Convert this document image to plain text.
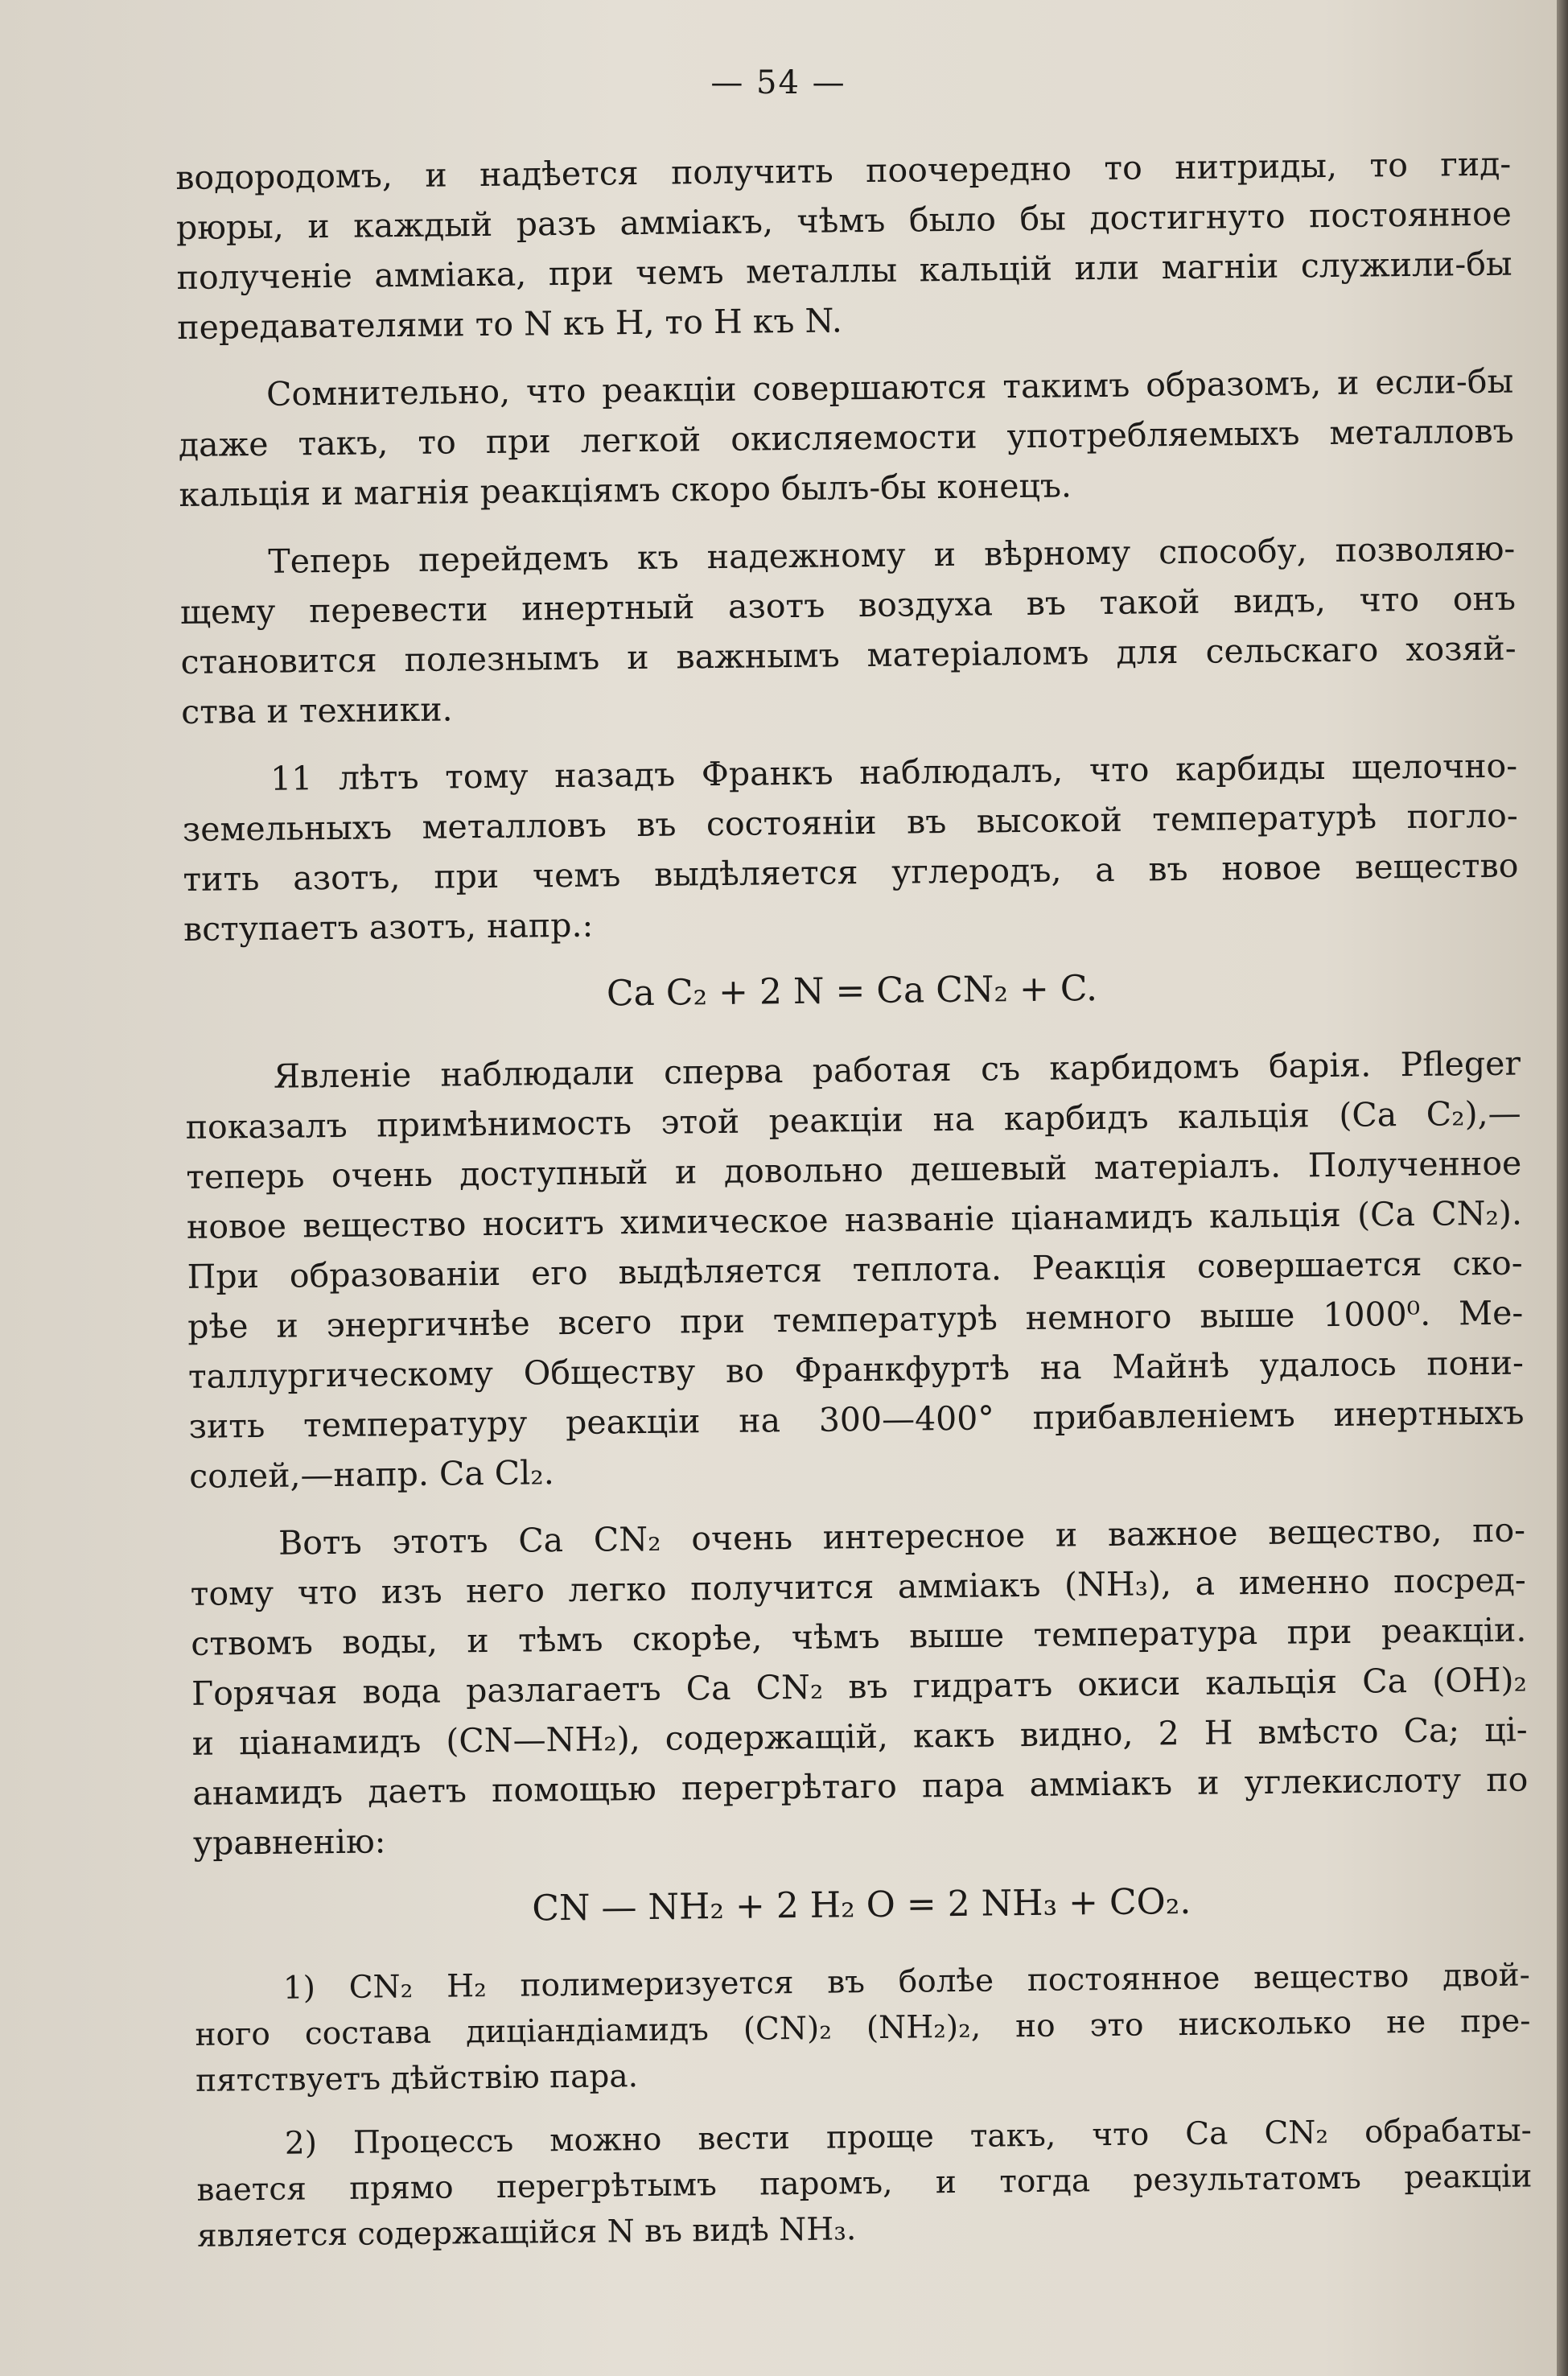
— 54 —
водородомъ, и надѣется получить поочередно то нитриды, то гид-
рюры, и каждый разъ амміакъ, чѣмъ было бы достигнуто постоянное
полученіе амміака, при чемъ металлы кальцій или магніи служили-бы
передавателями то N къ H, то H къ N.
Сомнительно, что реакціи совершаются такимъ образомъ, и если-бы
даже такъ, то при легкой окисляемости употребляемыхъ металловъ
кальція и магнія реакціямъ скоро былъ-бы конецъ.
Теперь перейдемъ къ надежному и вѣрному способу, позволяю-
щему перевести инертный азотъ воздуха въ такой видъ, что онъ
становится полезнымъ и важнымъ матеріаломъ для сельскаго хозяй-
ства и техники.
11 лѣтъ тому назадъ Франкъ наблюдалъ, что карбиды щелочно-
земельныхъ металловъ въ состояніи въ высокой температурѣ погло-
тить азотъ, при чемъ выдѣляется углеродъ, а въ новое вещество
вступаетъ азотъ, напр.:
Ca C₂ + 2 N = Ca CN₂ + C.
Явленіе наблюдали сперва работая съ карбидомъ барія. Pfleger
показалъ примѣнимость этой реакціи на карбидъ кальція (Ca C₂),—
теперь очень доступный и довольно дешевый матеріалъ. Полученное
новое вещество носитъ химическое названіе ціанамидъ кальція (Ca CN₂).
При образованіи его выдѣляется теплота. Реакція совершается ско-
рѣе и энергичнѣе всего при температурѣ немного выше 1000⁰. Ме-
таллургическому Обществу во Франкфуртѣ на Майнѣ удалось пони-
зить температуру реакціи на 300—400° прибавленіемъ инертныхъ
солей,—напр. Ca Cl₂.
Вотъ этотъ Ca CN₂ очень интересное и важное вещество, по-
тому что изъ него легко получится амміакъ (NH₃), а именно посред-
ствомъ воды, и тѣмъ скорѣе, чѣмъ выше температура при реакціи.
Горячая вода разлагаетъ Ca CN₂ въ гидратъ окиси кальція Ca (OH)₂
и ціанамидъ (CN—NH₂), содержащій, какъ видно, 2 H вмѣсто Ca; ці-
анамидъ даетъ помощью перегрѣтаго пара амміакъ и углекислоту по
уравненію:
CN — NH₂ + 2 H₂ O = 2 NH₃ + CO₂.
1) CN₂ H₂ полимеризуется въ болѣе постоянное вещество двой-
ного состава диціандіамидъ (CN)₂ (NH₂)₂, но это нисколько не пре-
пятствуетъ дѣйствію пара.
2) Процессъ можно вести проще такъ, что Ca CN₂ обрабаты-
вается прямо перегрѣтымъ паромъ, и тогда результатомъ реакціи
является содержащійся N въ видѣ NH₃.
